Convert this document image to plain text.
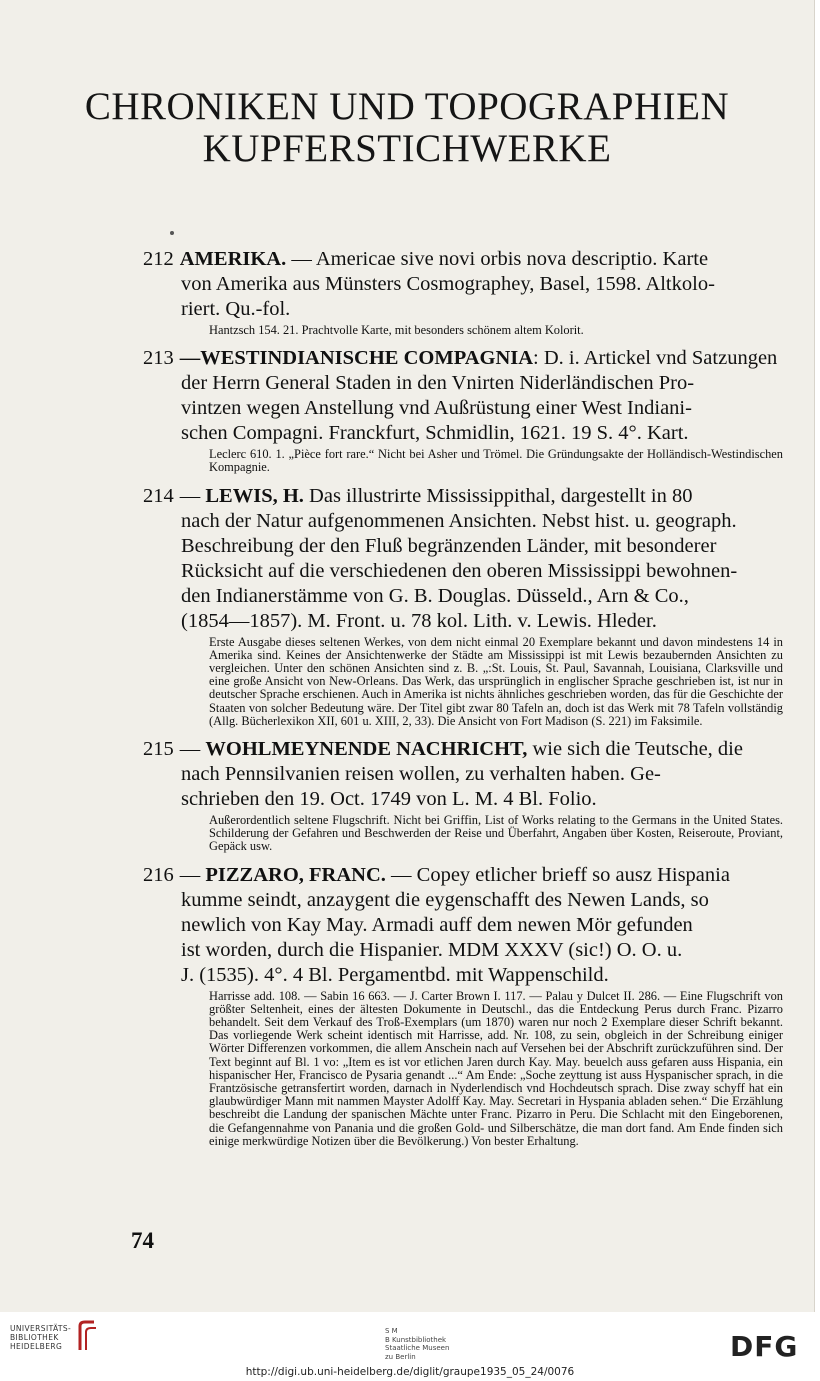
CHRONIKEN UND TOPOGRAPHIEN
KUPFERSTICHWERKE
212 AMERIKA. — Americae sive novi orbis nova descriptio. Karte
von Amerika aus Münsters Cosmographey, Basel, 1598. Altkolo-
riert. Qu.-fol.
Hantzsch 154. 21. Prachtvolle Karte, mit besonders schönem altem Kolorit.
213 —WESTINDIANISCHE COMPAGNIA: D. i. Artickel vnd Satzungen
der Herrn General Staden in den Vnirten Niderländischen Pro-
vintzen wegen Anstellung vnd Außrüstung einer West Indiani-
schen Compagni. Franckfurt, Schmidlin, 1621. 19 S. 4°. Kart.
Leclerc 610. 1. „Pièce fort rare.“ Nicht bei Asher und Trömel. Die Gründungsakte der Holländisch-Westindischen Kompagnie.
214 — LEWIS, H. Das illustrirte Mississippithal, dargestellt in 80
nach der Natur aufgenommenen Ansichten. Nebst hist. u. geograph.
Beschreibung der den Fluß begränzenden Länder, mit besonderer
Rücksicht auf die verschiedenen den oberen Mississippi bewohnen-
den Indianerstämme von G. B. Douglas. Düsseld., Arn & Co.,
(1854—1857). M. Front. u. 78 kol. Lith. v. Lewis. Hleder.
Erste Ausgabe dieses seltenen Werkes, von dem nicht einmal 20 Exemplare bekannt und davon mindestens 14 in Amerika sind. Keines der Ansichtenwerke der Städte am Mississippi ist mit Lewis bezaubernden Ansichten zu vergleichen. Unter den schönen Ansichten sind z. B. „:St. Louis, St. Paul, Savannah, Louisiana, Clarksville und eine große Ansicht von New-Orleans. Das Werk, das ursprünglich in englischer Sprache geschrieben ist, ist nur in deutscher Sprache erschienen. Auch in Amerika ist nichts ähnliches geschrieben worden, das für die Geschichte der Staaten von solcher Bedeutung wäre. Der Titel gibt zwar 80 Tafeln an, doch ist das Werk mit 78 Tafeln vollständig (Allg. Bücherlexikon XII, 601 u. XIII, 2, 33). Die Ansicht von Fort Madison (S. 221) im Faksimile.
215 — WOHLMEYNENDE NACHRICHT, wie sich die Teutsche, die
nach Pennsilvanien reisen wollen, zu verhalten haben. Ge-
schrieben den 19. Oct. 1749 von L. M. 4 Bl. Folio.
Außerordentlich seltene Flugschrift. Nicht bei Griffin, List of Works relating to the Germans in the United States. Schilderung der Gefahren und Beschwerden der Reise und Überfahrt, Angaben über Kosten, Reiseroute, Proviant, Gepäck usw.
216 — PIZZARO, FRANC. — Copey etlicher brieff so ausz Hispania
kumme seindt, anzaygent die eygenschafft des Newen Lands, so
newlich von Kay May. Armadi auff dem newen Mör gefunden
ist worden, durch die Hispanier. MDM XXXV (sic!) O. O. u.
J. (1535). 4°. 4 Bl. Pergamentbd. mit Wappenschild.
Harrisse add. 108. — Sabin 16 663. — J. Carter Brown I. 117. — Palau y Dulcet II. 286. — Eine Flugschrift von größter Seltenheit, eines der ältesten Dokumente in Deutschl., das die Entdeckung Perus durch Franc. Pizarro behandelt. Seit dem Verkauf des Troß-Exemplars (um 1870) waren nur noch 2 Exemplare dieser Schrift bekannt. Das vorliegende Werk scheint identisch mit Harrisse, add. Nr. 108, zu sein, obgleich in der Schreibung einiger Wörter Differenzen vorkommen, die allem Anschein nach auf Versehen bei der Abschrift zurückzuführen sind. Der Text beginnt auf Bl. 1 vo: „Item es ist vor etlichen Jaren durch Kay. May. beuelch auss gefaren auss Hispania, ein hispanischer Her, Francisco de Pysaria genandt ...“ Am Ende: „Soche zeyttung ist auss Hyspanischer sprach, in die Frantzösische getransfertirt worden, darnach in Nyderlendisch vnd Hochdeutsch sprach. Dise zway schyff hat ein glaubwürdiger Mann mit nammen Mayster Adolff Kay. May. Secretari in Hyspania abladen sehen.“ Die Erzählung beschreibt die Landung der spanischen Mächte unter Franc. Pizarro in Peru. Die Schlacht mit den Eingeborenen, die Gefangennahme von Panania und die großen Gold- und Silberschätze, die man dort fand. Am Ende finden sich einige merkwürdige Notizen über die Bevölkerung.) Von bester Erhaltung.
74
UNIVERSITÄTS-
BIBLIOTHEK
HEIDELBERG
S M
B Kunstbibliothek
Staatliche Museen
zu Berlin	DFG
http://digi.ub.uni-heidelberg.de/diglit/graupe1935_05_24/0076
